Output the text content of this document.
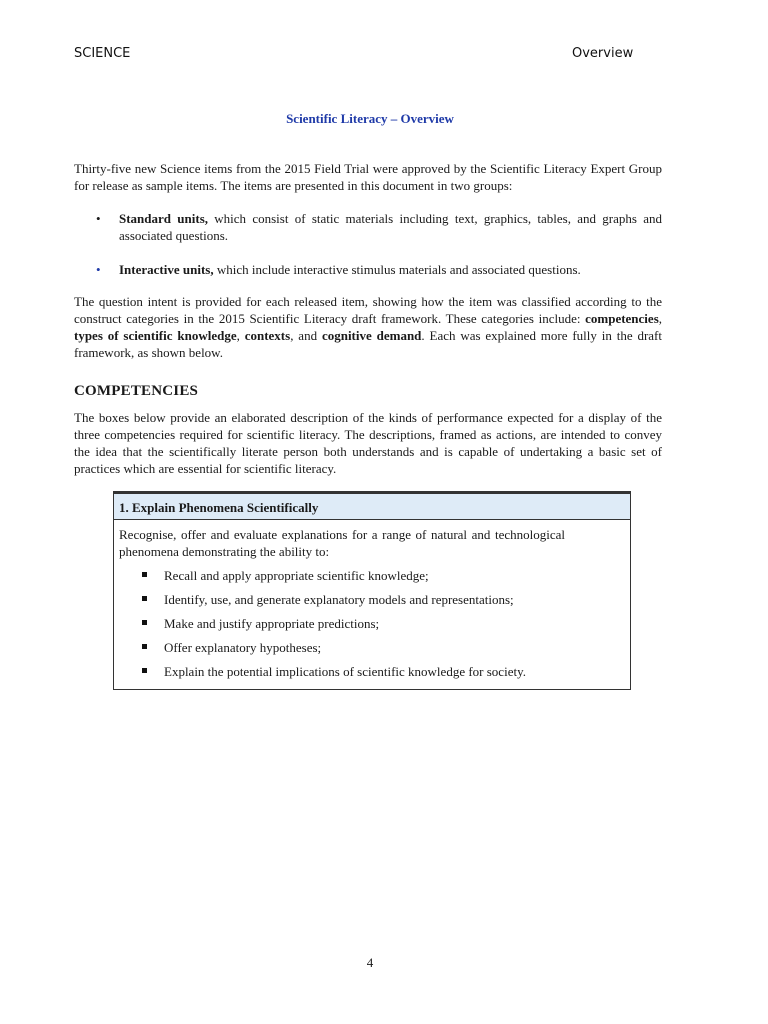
SCIENCE	Overview
Scientific Literacy – Overview

Thirty-five new Science items from the 2015 Field Trial were approved by the Scientific Literacy Expert Group for release as sample items. The items are presented in this document in two groups:

• Standard units, which consist of static materials including text, graphics, tables, and graphs and associated questions.
• Interactive units, which include interactive stimulus materials and associated questions.

The question intent is provided for each released item, showing how the item was classified according to the construct categories in the 2015 Scientific Literacy draft framework. These categories include: competencies, types of scientific knowledge, contexts, and cognitive demand. Each was explained more fully in the draft framework, as shown below.

COMPETENCIES

The boxes below provide an elaborated description of the kinds of performance expected for a display of the three competencies required for scientific literacy. The descriptions, framed as actions, are intended to convey the idea that the scientifically literate person both understands and is capable of undertaking a basic set of practices which are essential for scientific literacy.

1. Explain Phenomena Scientifically

Recognise, offer and evaluate explanations for a range of natural and technological phenomena demonstrating the ability to:

Recall and apply appropriate scientific knowledge;
Identify, use, and generate explanatory models and representations;
Make and justify appropriate predictions;
Offer explanatory hypotheses;
Explain the potential implications of scientific knowledge for society.
4
